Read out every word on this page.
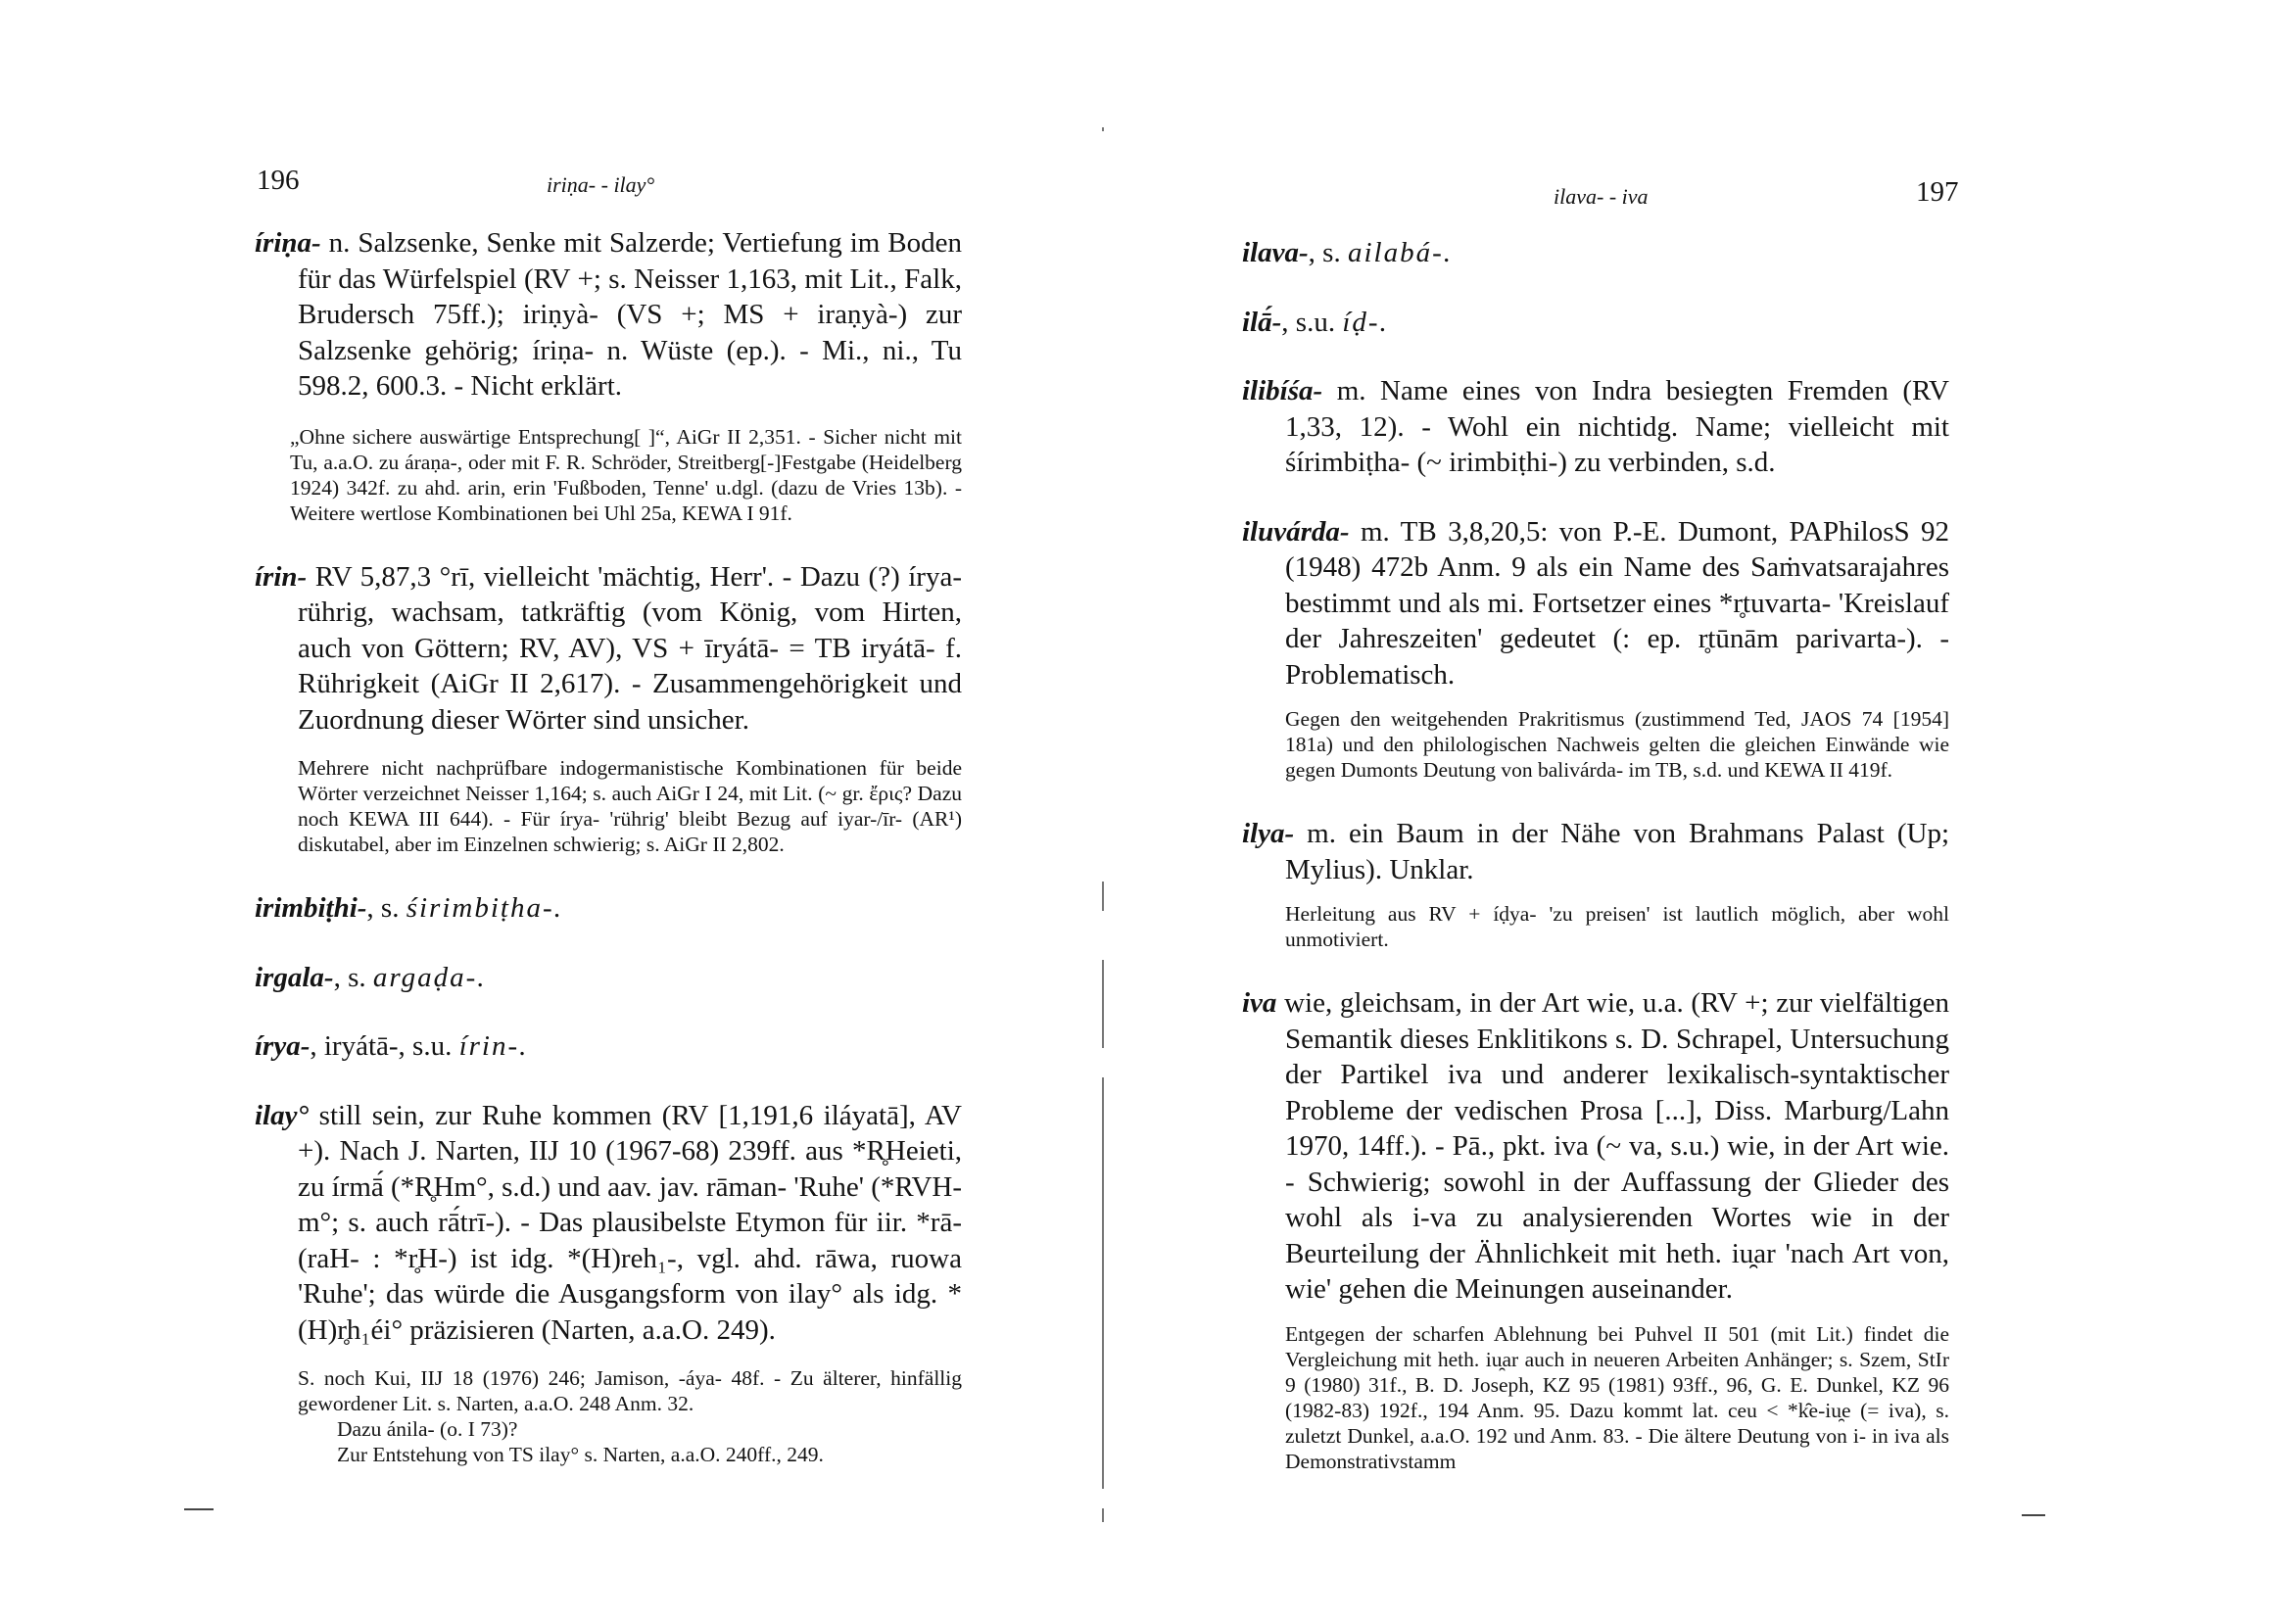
196	iriṇa- - ilay°

íriṇa- n. Salzsenke, Senke mit Salzerde; Vertiefung im Boden für das Würfelspiel (RV +; s. Neisser 1,163, mit Lit., Falk, Brudersch 75ff.); iriṇyà- (VS +; MS + iraṇyà-) zur Salzsenke gehörig; íriṇa- n. Wüste (ep.). - Mi., ni., Tu 598.2, 600.3. - Nicht erklärt.

„Ohne sichere auswärtige Entsprechung[ ]“, AiGr II 2,351. - Sicher nicht mit Tu, a.a.O. zu áraṇa-, oder mit F. R. Schröder, Streitberg[-]Festgabe (Heidelberg 1924) 342f. zu ahd. arin, erin 'Fußboden, Tenne' u.dgl. (dazu de Vries 13b). - Weitere wertlose Kombinationen bei Uhl 25a, KEWA I 91f.

írin- RV 5,87,3 °rī, vielleicht 'mächtig, Herr'. - Dazu (?) írya- rührig, wachsam, tatkräftig (vom König, vom Hirten, auch von Göttern; RV, AV), VS + īryátā- = TB iryátā- f. Rührigkeit (AiGr II 2,617). - Zusammengehörigkeit und Zuordnung dieser Wörter sind unsicher.

Mehrere nicht nachprüfbare indogermanistische Kombinationen für beide Wörter verzeichnet Neisser 1,164; s. auch AiGr I 24, mit Lit. (~ gr. ἔρις? Dazu noch KEWA III 644). - Für írya- 'rührig' bleibt Bezug auf iyar-/īr- (AR¹) diskutabel, aber im Einzelnen schwierig; s. AiGr II 2,802.

irimbiṭhi-, s. śirimbiṭha-.

irgala-, s. argaḍa-.

írya-, iryátā-, s.u. írin-.

ilay° still sein, zur Ruhe kommen (RV [1,191,6 iláyatā], AV +). Nach J. Narten, IIJ 10 (1967-68) 239ff. aus *R̥Heieti, zu írmā́ (*R̥Hm°, s.d.) und aav. jav. rāman- 'Ruhe' (*RVH-m°; s. auch rā́trī-). - Das plausibelste Etymon für iir. *rā- (raH- : *r̥H-) ist idg. *(H)reh₁-, vgl. ahd. rāwa, ruowa 'Ruhe'; das würde die Ausgangsform von ilay° als idg. *(H)r̥h₁éi° präzisieren (Narten, a.a.O. 249).

S. noch Kui, IIJ 18 (1976) 246; Jamison, -áya- 48f. - Zu älterer, hinfällig gewordener Lit. s. Narten, a.a.O. 248 Anm. 32.
Dazu ánila- (o. I 73)?
Zur Entstehung von TS ilay° s. Narten, a.a.O. 240ff., 249.
ilava- - iva	197

ilava-, s. ailabá-.

ilā́-, s.u. íḍ-.

ilibíśa- m. Name eines von Indra besiegten Fremden (RV 1,33, 12). - Wohl ein nichtidg. Name; vielleicht mit śírimbiṭha- (~ irimbiṭhi-) zu verbinden, s.d.

iluvárda- m. TB 3,8,20,5: von P.-E. Dumont, PAPhilosS 92 (1948) 472b Anm. 9 als ein Name des Saṁvatsarajahres bestimmt und als mi. Fortsetzer eines *r̥tuvarta- 'Kreislauf der Jahreszeiten' gedeutet (: ep. r̥tūnām parivarta-). - Problematisch.

Gegen den weitgehenden Prakritismus (zustimmend Ted, JAOS 74 [1954] 181a) und den philologischen Nachweis gelten die gleichen Einwände wie gegen Dumonts Deutung von balivárda- im TB, s.d. und KEWA II 419f.

ilya- m. ein Baum in der Nähe von Brahmans Palast (Up; Mylius). Unklar.

Herleitung aus RV + íḍya- 'zu preisen' ist lautlich möglich, aber wohl unmotiviert.

iva wie, gleichsam, in der Art wie, u.a. (RV +; zur vielfältigen Semantik dieses Enklitikons s. D. Schrapel, Untersuchung der Partikel iva und anderer lexikalisch-syntaktischer Probleme der vedischen Prosa [...], Diss. Marburg/Lahn 1970, 14ff.). - Pā., pkt. iva (~ va, s.u.) wie, in der Art wie. - Schwierig; sowohl in der Auffassung der Glieder des wohl als i-va zu analysierenden Wortes wie in der Beurteilung der Ähnlichkeit mit heth. iu̯ar 'nach Art von, wie' gehen die Meinungen auseinander.

Entgegen der scharfen Ablehnung bei Puhvel II 501 (mit Lit.) findet die Vergleichung mit heth. iu̯ar auch in neueren Arbeiten Anhänger; s. Szem, StIr 9 (1980) 31f., B. D. Joseph, KZ 95 (1981) 93ff., 96, G. E. Dunkel, KZ 96 (1982-83) 192f., 194 Anm. 95. Dazu kommt lat. ceu < *k̑e-iu̯e (= iva), s. zuletzt Dunkel, a.a.O. 192 und Anm. 83. - Die ältere Deutung von i- in iva als Demonstrativstamm
